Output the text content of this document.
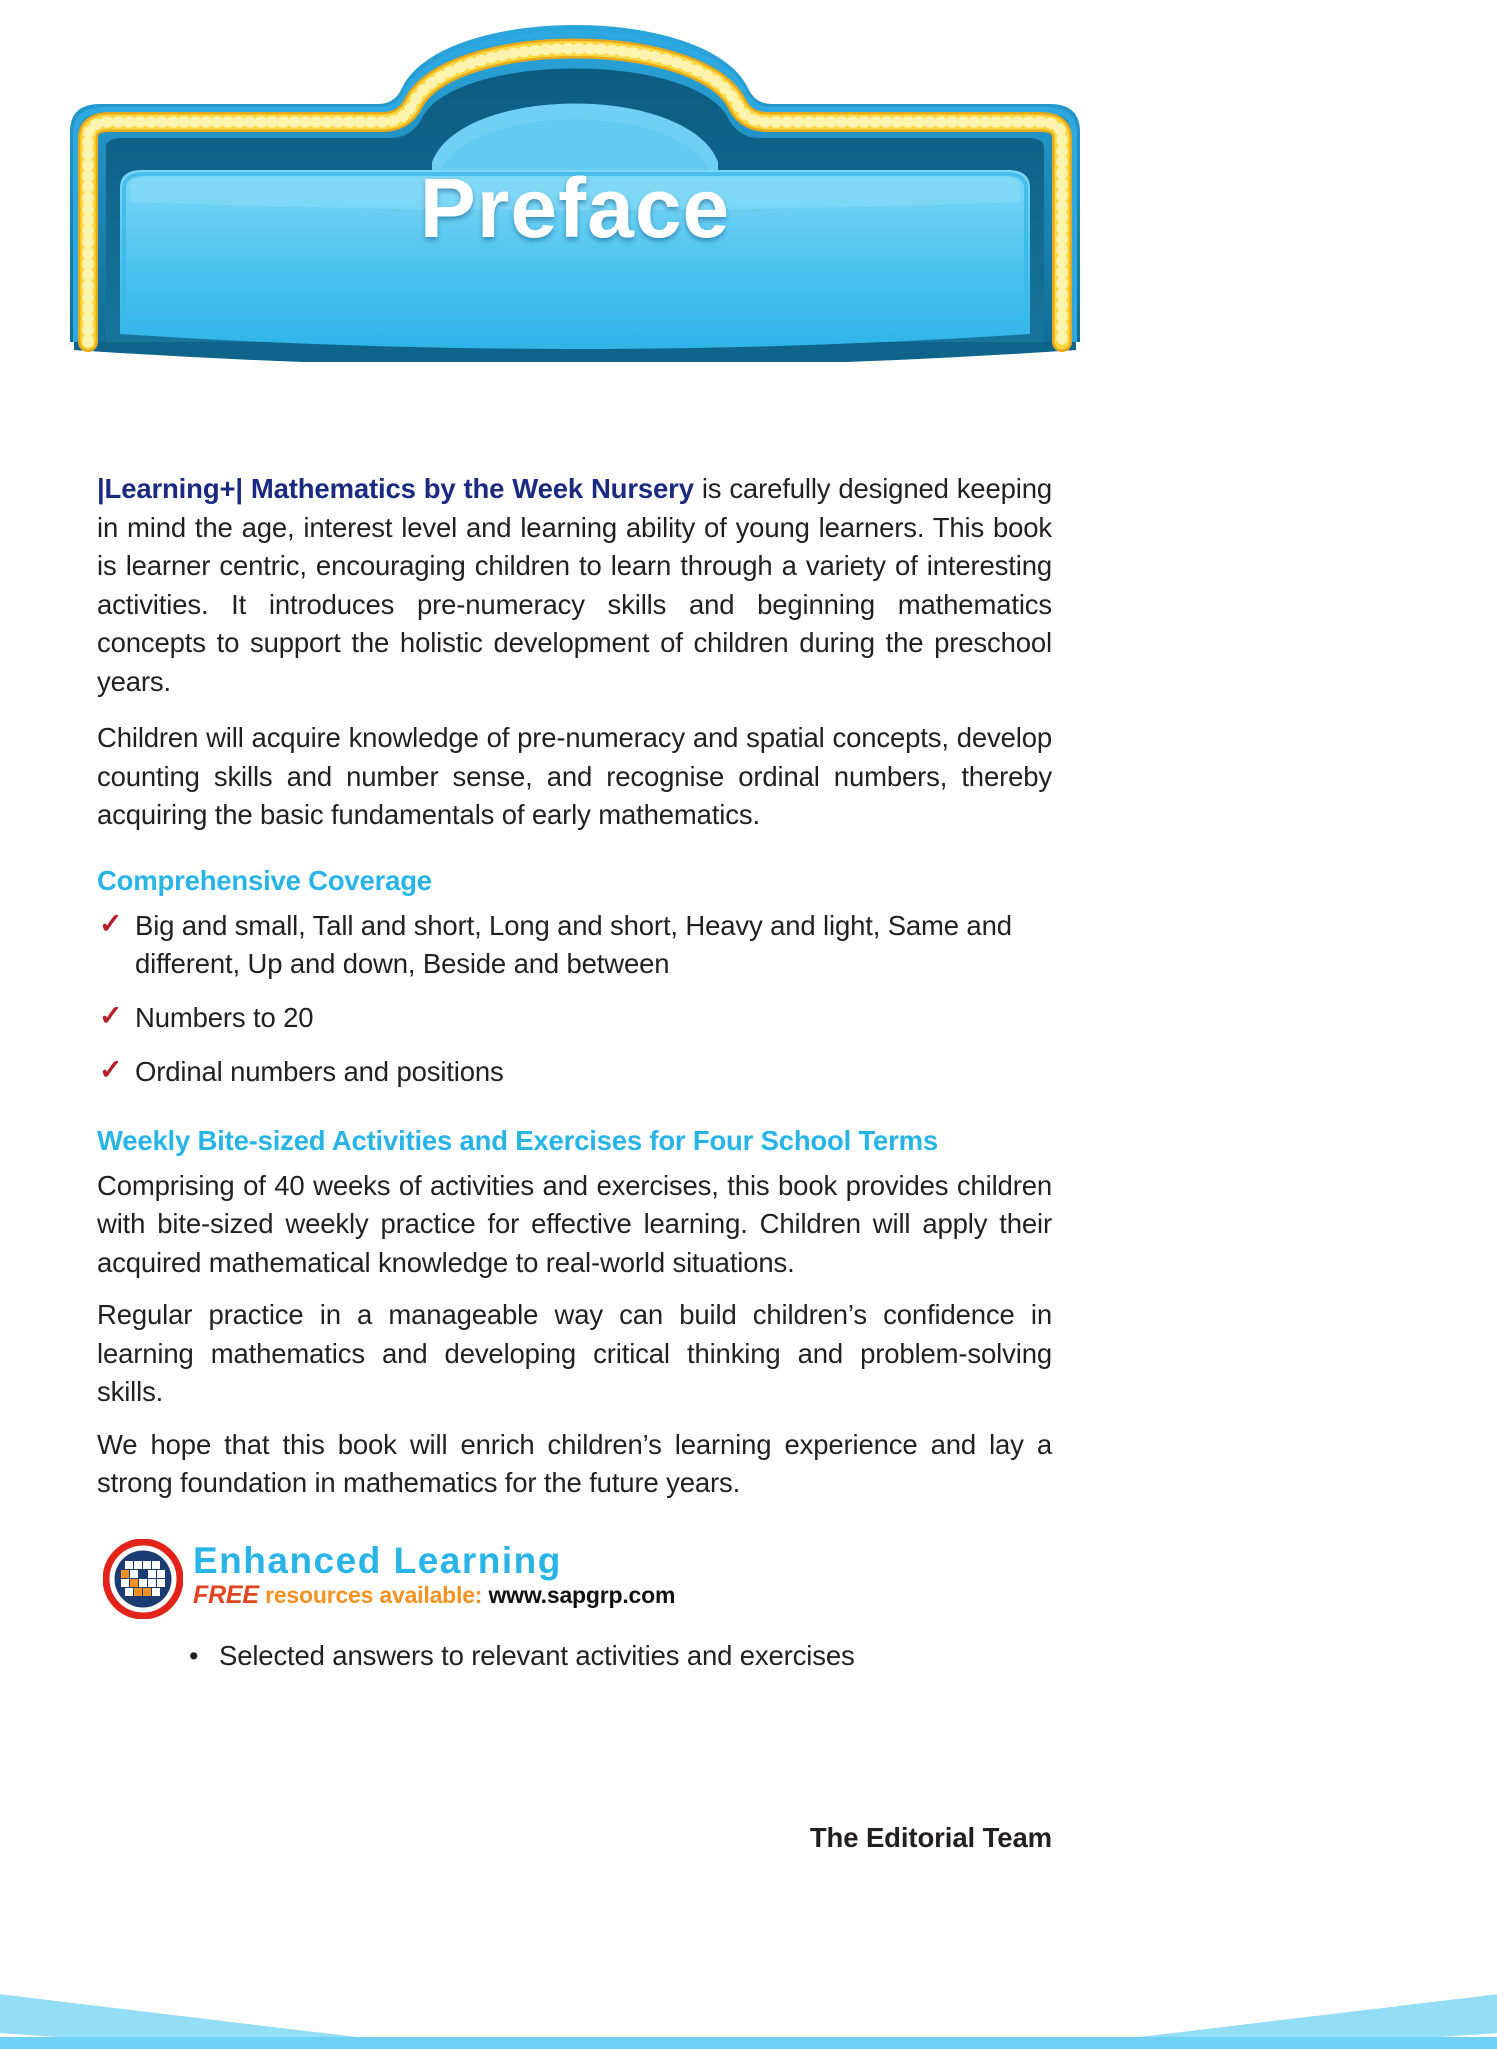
Preface

|Learning+| Mathematics by the Week Nursery is carefully designed keeping in mind the age, interest level and learning ability of young learners. This book is learner centric, encouraging children to learn through a variety of interesting activities. It introduces pre-numeracy skills and beginning mathematics concepts to support the holistic development of children during the preschool years.

Children will acquire knowledge of pre-numeracy and spatial concepts, develop counting skills and number sense, and recognise ordinal numbers, thereby acquiring the basic fundamentals of early mathematics.

Comprehensive Coverage
✓ Big and small, Tall and short, Long and short, Heavy and light, Same and different, Up and down, Beside and between
✓ Numbers to 20
✓ Ordinal numbers and positions
Weekly Bite-sized Activities and Exercises for Four School Terms

Comprising of 40 weeks of activities and exercises, this book provides children with bite-sized weekly practice for effective learning. Children will apply their acquired mathematical knowledge to real-world situations.

Regular practice in a manageable way can build children’s confidence in learning mathematics and developing critical thinking and problem-solving skills.

We hope that this book will enrich children’s learning experience and lay a strong foundation in mathematics for the future years.

Enhanced Learning
FREE resources available: www.sapgrp.com
• Selected answers to relevant activities and exercises
The Editorial Team
